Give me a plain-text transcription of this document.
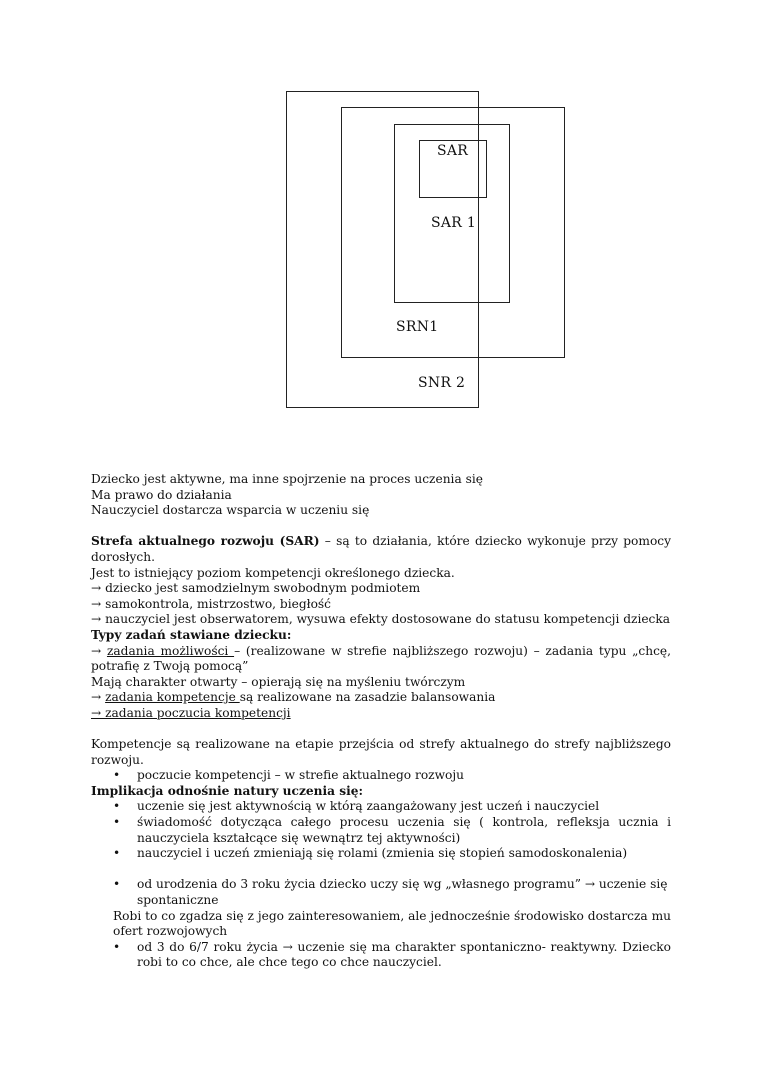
SAR
SAR 1
SRN1
SNR 2

Dziecko jest aktywne, ma inne spojrzenie na proces uczenia się

Ma prawo do działania

Nauczyciel dostarcza wsparcia w uczeniu się

Strefa aktualnego rozwoju (SAR) – są to działania, które dziecko wykonuje przy pomocy dorosłych.

Jest to istniejący poziom kompetencji określonego dziecka.

→ dziecko jest samodzielnym swobodnym podmiotem

→ samokontrola, mistrzostwo, biegłość

→ nauczyciel jest obserwatorem, wysuwa efekty dostosowane do statusu kompetencji dziecka

Typy zadań stawiane dziecku:

→ zadania możliwości – (realizowane w strefie najbliższego rozwoju) – zadania typu „chcę, potrafię z Twoją pomocą”

Mają charakter otwarty – opierają się na myśleniu twórczym

→ zadania kompetencje są realizowane na zasadzie balansowania

→ zadania poczucia kompetencji

Kompetencje są realizowane na etapie przejścia od strefy aktualnego do strefy najbliższego rozwoju.

• poczucie kompetencji – w strefie aktualnego rozwoju

Implikacja odnośnie natury uczenia się:

• uczenie się jest aktywnością w którą zaangażowany jest uczeń i nauczyciel
• świadomość dotycząca całego procesu uczenia się ( kontrola, refleksja ucznia i nauczyciela kształcące się wewnątrz tej aktywności)
• nauczyciel i uczeń zmieniają się rolami (zmienia się stopień samodoskonalenia)
• od urodzenia do 3 roku życia dziecko uczy się wg „własnego programu” → uczenie się spontaniczne

Robi to co zgadza się z jego zainteresowaniem, ale jednocześnie środowisko dostarcza mu ofert rozwojowych

• od 3 do 6/7 roku życia → uczenie się ma charakter spontaniczno- reaktywny. Dziecko robi to co chce, ale chce tego co chce nauczyciel.
